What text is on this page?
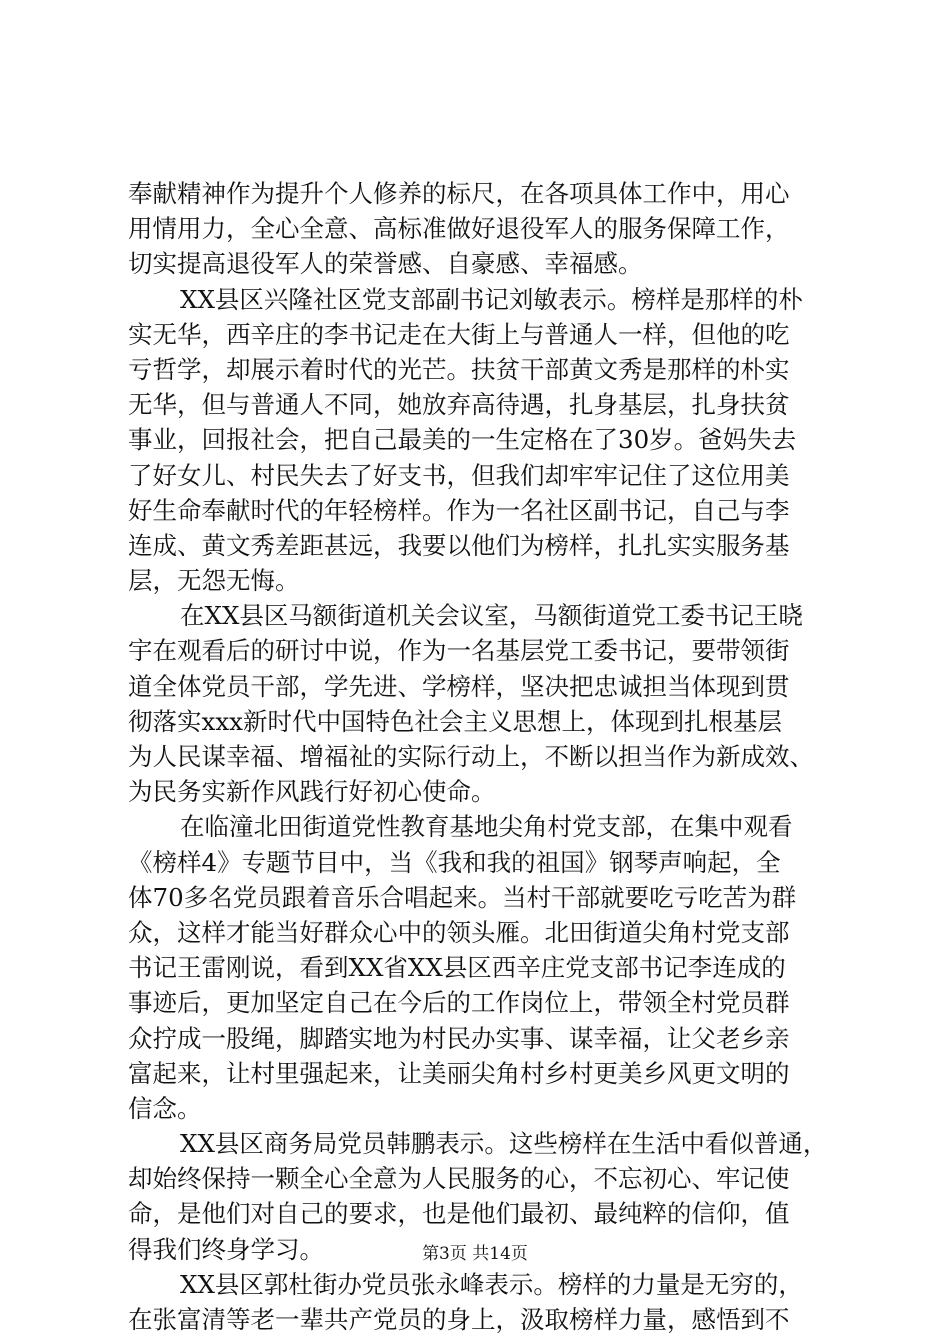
奉献精神作为提升个人修养的标尺，在各项具体工作中，用心
用情用力，全心全意、高标准做好退役军人的服务保障工作，
切实提高退役军人的荣誉感、自豪感、幸福感。
XX县区兴隆社区党支部副书记刘敏表示。榜样是那样的朴
实无华，西辛庄的李书记走在大街上与普通人一样，但他的吃
亏哲学，却展示着时代的光芒。扶贫干部黄文秀是那样的朴实
无华，但与普通人不同，她放弃高待遇，扎身基层，扎身扶贫
事业，回报社会，把自己最美的一生定格在了30岁。爸妈失去
了好女儿、村民失去了好支书，但我们却牢牢记住了这位用美
好生命奉献时代的年轻榜样。作为一名社区副书记，自己与李
连成、黄文秀差距甚远，我要以他们为榜样，扎扎实实服务基
层，无怨无悔。
在XX县区马额街道机关会议室，马额街道党工委书记王晓
宇在观看后的研讨中说，作为一名基层党工委书记，要带领街
道全体党员干部，学先进、学榜样，坚决把忠诚担当体现到贯
彻落实xxx新时代中国特色社会主义思想上，体现到扎根基层
为人民谋幸福、增福祉的实际行动上，不断以担当作为新成效、
为民务实新作风践行好初心使命。
在临潼北田街道党性教育基地尖角村党支部，在集中观看
《榜样4》专题节目中，当《我和我的祖国》钢琴声响起，全
体70多名党员跟着音乐合唱起来。当村干部就要吃亏吃苦为群
众，这样才能当好群众心中的领头雁。北田街道尖角村党支部
书记王雷刚说，看到XX省XX县区西辛庄党支部书记李连成的
事迹后，更加坚定自己在今后的工作岗位上，带领全村党员群
众拧成一股绳，脚踏实地为村民办实事、谋幸福，让父老乡亲
富起来，让村里强起来，让美丽尖角村乡村更美乡风更文明的
信念。
XX县区商务局党员韩鹏表示。这些榜样在生活中看似普通，
却始终保持一颗全心全意为人民服务的心，不忘初心、牢记使
命，是他们对自己的要求，也是他们最初、最纯粹的信仰，值
得我们终身学习。
XX县区郭杜街办党员张永峰表示。榜样的力量是无穷的，
在张富清等老一辈共产党员的身上，汲取榜样力量，感悟到不
第3页 共14页
